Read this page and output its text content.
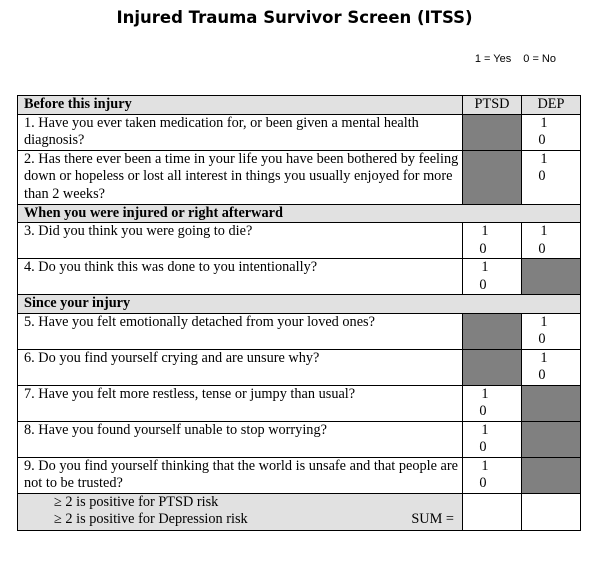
Injured Trauma Survivor Screen (ITSS)
1 = Yes 0 = No
Before this injury	PTSD	DEP
1. Have you ever taken medication for, or been given a mental health diagnosis?		10
2. Has there ever been a time in your life you have been bothered by feeling down or hopeless or lost all interest in things you usually enjoyed for more than 2 weeks?		10
When you were injured or right afterward		
3. Did you think you were going to die?	10	10
4. Do you think this was done to you intentionally?	10	
Since your injury		
5. Have you felt emotionally detached from your loved ones?		10
6. Do you find yourself crying and are unsure why?		10
7. Have you felt more restless, tense or jumpy than usual?	10	
8. Have you found yourself unable to stop worrying?	10	
9. Do you find yourself thinking that the world is unsafe and that people are not to be trusted?	10	

≥ 2 is positive for PTSD risk
≥ 2 is positive for Depression risk SUM =		
